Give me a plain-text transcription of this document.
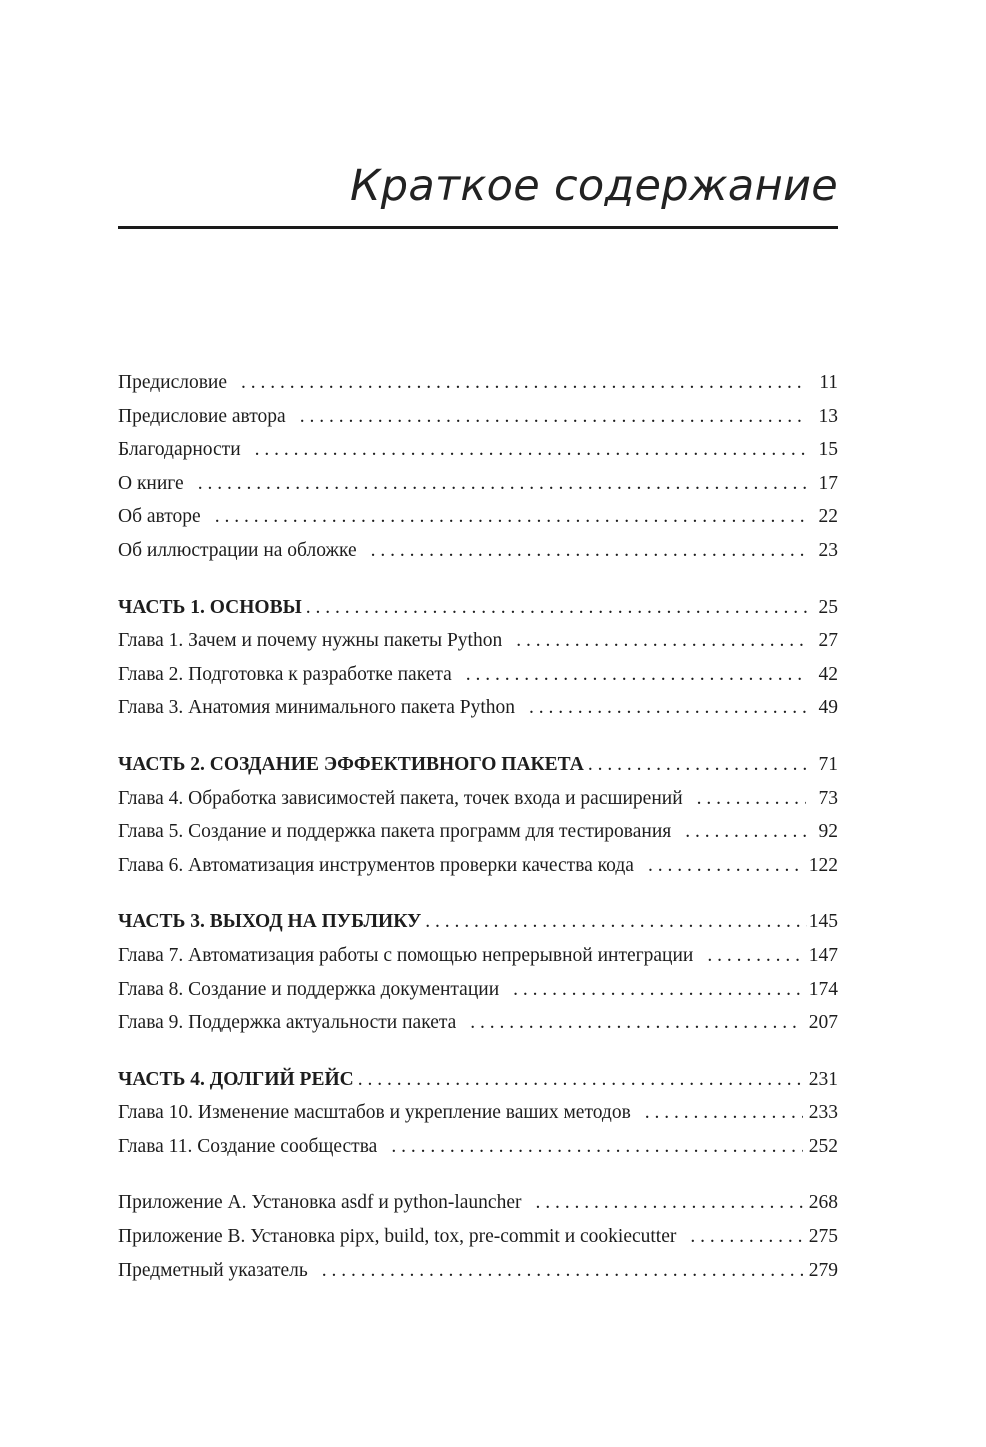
Краткое содержание
Предисловие . . .	11
Предисловие автора . . .	13
Благодарности . . .	15
О книге . . .	17
Об авторе . . .	22
Об иллюстрации на обложке . . .	23
ЧАСТЬ 1. ОСНОВЫ . . .	25
Глава 1. Зачем и почему нужны пакеты Python . . .	27
Глава 2. Подготовка к разработке пакета . . .	42
Глава 3. Анатомия минимального пакета Python . . .	49
ЧАСТЬ 2. СОЗДАНИЕ ЭФФЕКТИВНОГО ПАКЕТА . . .	71
Глава 4. Обработка зависимостей пакета, точек входа и расширений . . .	73
Глава 5. Создание и поддержка пакета программ для тестирования . . .	92
Глава 6. Автоматизация инструментов проверки качества кода . . .	122
ЧАСТЬ 3. ВЫХОД НА ПУБЛИКУ . . .	145
Глава 7. Автоматизация работы с помощью непрерывной интеграции . . .	147
Глава 8. Создание и поддержка документации . . .	174
Глава 9. Поддержка актуальности пакета . . .	207
ЧАСТЬ 4. ДОЛГИЙ РЕЙС . . .	231
Глава 10. Изменение масштабов и укрепление ваших методов . . .	233
Глава 11. Создание сообщества . . .	252
Приложение А. Установка asdf и python-launcher . . .	268
Приложение B. Установка pipx, build, tox, pre-commit и cookiecutter . . .	275
Предметный указатель . . .	279
